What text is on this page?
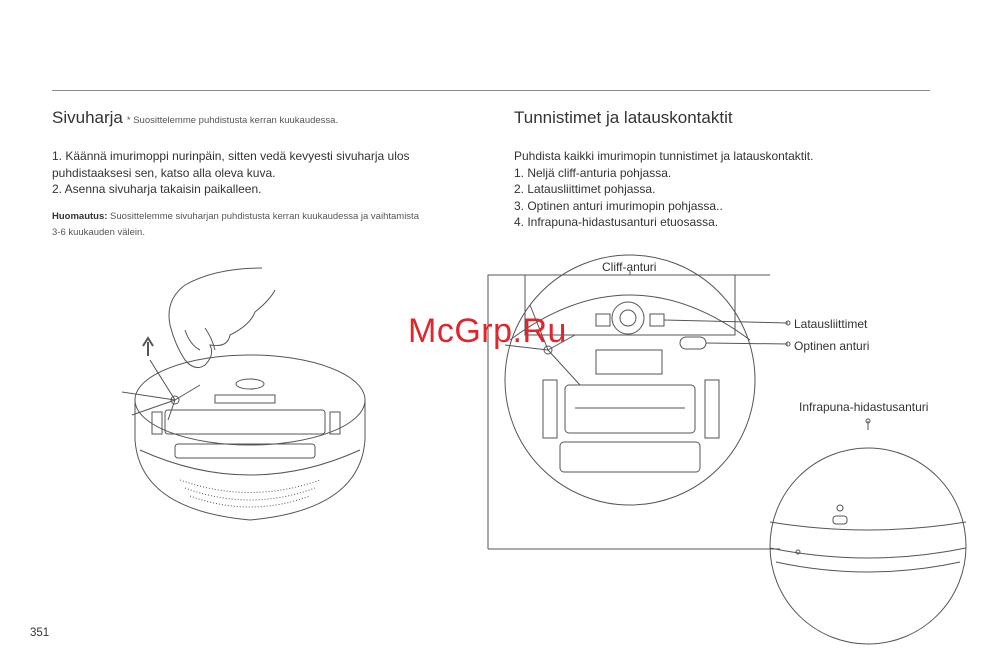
Sivuharja * Suosittelemme puhdistusta kerran kuukaudessa.
1. Käännä imurimoppi nurinpäin, sitten vedä kevyesti sivuharja ulos
puhdistaaksesi sen, katso alla oleva kuva.
2. Asenna sivuharja takaisin paikalleen.
Huomautus: Suosittelemme sivuharjan puhdistusta kerran kuukaudessa ja vaihtamista
3-6 kuukauden välein.
Tunnistimet ja latauskontaktit
Puhdista kaikki imurimopin tunnistimet ja latauskontaktit.
1. Neljä cliff-anturia pohjassa.
2. Latausliittimet pohjassa.
3. Optinen anturi imurimopin pohjassa..
4. Infrapuna-hidastusanturi etuosassa.
Cliff-anturi
Latausliittimet
Optinen anturi
Infrapuna-hidastusanturi
McGrp.Ru
351
